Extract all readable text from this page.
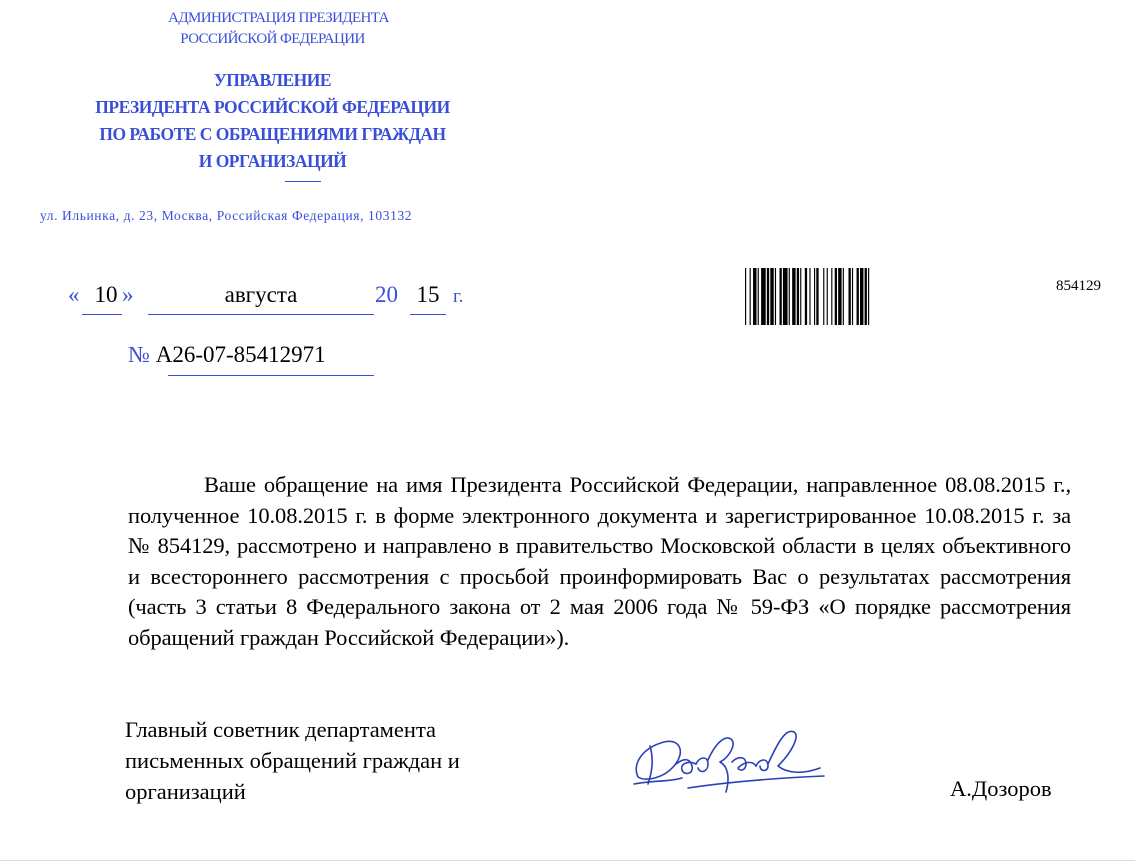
АДМИНИСТРАЦИЯ ПРЕЗИДЕНТА
РОССИЙСКОЙ ФЕДЕРАЦИИ
УПРАВЛЕНИЕ
ПРЕЗИДЕНТА РОССИЙСКОЙ ФЕДЕРАЦИИ
ПО РАБОТЕ С ОБРАЩЕНИЯМИ ГРАЖДАН
И ОРГАНИЗАЦИЙ
ул. Ильинка, д. 23, Москва, Российская Федерация, 103132
« 10 »	августа	20 15 г.
№ А26-07-85412971
854129
Ваше обращение на имя Президента Российской Федерации, направленное 08.08.2015 г., полученное 10.08.2015 г. в форме электронного документа и зарегистрированное 10.08.2015 г. за № 854129, рассмотрено и направлено в правительство Московской области в целях объективного и всестороннего рассмотрения с просьбой проинформировать Вас о результатах рассмотрения (часть 3 статьи 8 Федерального закона от 2 мая 2006 года № 59-ФЗ «О порядке рассмотрения обращений граждан Российской Федерации»).
Главный советник департамента
письменных обращений граждан и
организаций	А.Дозоров
